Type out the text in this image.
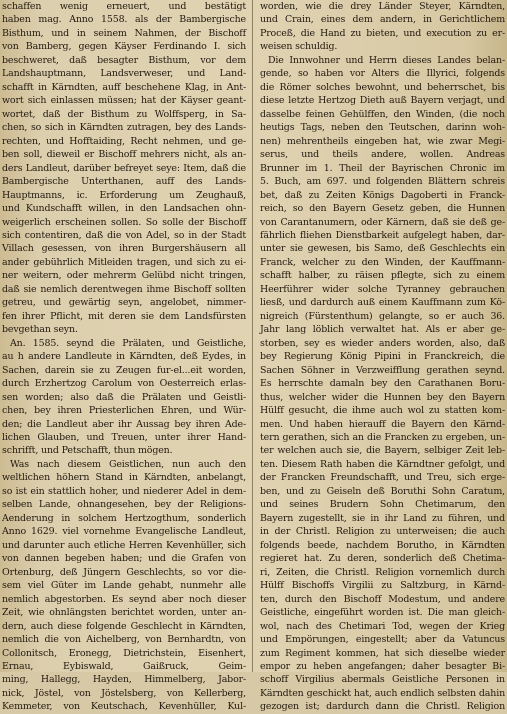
schaffen wenig erneuert, und bestätigt
haben mag. Anno 1558. als der Bambergische
Bisthum, und in seinem Nahmen, der Bischoff
von Bamberg, gegen Käyser Ferdinando I. sich
beschweret, daß besagter Bisthum, vor dem
Landshauptmann, Landsverweser, und Land-
schafft in Kärndten, auff beschehene Klag, in Ant-
wort sich einlassen müssen; hat der Käyser geant-
wortet, daß der Bisthum zu Wolffsperg, in Sa-
chen, so sich in Kärndten zutragen, bey des Lands-
rechten, und Hofftaiding, Recht nehmen, und ge-
ben soll, dieweil er Bischoff mehrers nicht, als an-
ders Landleut, darüber befreyet seye: Item, daß die
Bambergische Unterthanen, auff des Lands-
Hauptmanns, ic. Erforderung um Zeughauß,
und Kundschafft willen, in den Landsachen ohn-
weigerlich erscheinen sollen. So solle der Bischoff
sich contentiren, daß die von Adel, so in der Stadt
Villach gesessen, von ihren Burgershäusern all
ander gebührlich Mitleiden tragen, und sich zu ei-
ner weitern, oder mehrerm Gelübd nicht tringen,
daß sie nemlich derentwegen ihme Bischoff sollten
getreu, und gewärtig seyn, angelobet, nimmer-
fen ihrer Pflicht, mit deren sie dem Landsfürsten
bevgethan seyn.
An. 1585. seynd die Prälaten, und Geistliche,
au h andere Landleute in Kärndten, deß Eydes, in
Sachen, darein sie zu Zeugen fur-el...eit worden,
durch Erzhertzog Carolum von Oesterreich erlas-
sen worden; also daß die Prälaten und Geistli-
chen, bey ihren Priesterlichen Ehren, und Wür-
den; die Landleut aber ihr Aussag bey ihren Ade-
lichen Glauben, und Treuen, unter ihrer Hand-
schrifft, und Petschafft, thun mögen.
Was nach diesem Geistlichen, nun auch den
weltlichen höhern Stand in Kärndten, anbelangt,
so ist ein stattlich hoher, und niederer Adel in dem-
selben Lande, ohnangesehen, bey der Religions-
Aenderung in solchem Hertzogthum, sonderlich
Anno 1629. viel vornehme Evangelische Landleut,
und darunter auch etliche Herren Kevenhüller, sich
von dannen begeben haben; und die Grafen von
Ortenburg, deß Jüngern Geschlechts, so vor die-
sem viel Güter im Lande gehabt, nunmehr alle
nemlich abgestorben. Es seynd aber noch dieser
Zeit, wie ohnlängsten berichtet worden, unter an-
dern, auch diese folgende Geschlecht in Kärndten,
nemlich die von Aichelberg, von Bernhardtn, von
Collonitsch, Eronegg, Dietrichstein, Eisenhert,
Ernau, Eybiswald, Gaißruck, Geim-
ming, Hallegg, Hayden, Himmelberg, Jabor-
nick, Jöstel, von Jöstelsberg, von Kellerberg,
Kemmeter, von Keutschach, Kevenhüller, Kul-
worden, wie die drey Länder Steyer, Kärndten,
und Crain, eines dem andern, in Gerichtlichem
Proceß, die Hand zu bieten, und execution zu er-
weisen schuldig.
Die Innwohner und Herrn dieses Landes belan-
gende, so haben vor Alters die Illyrici, folgends
die Römer solches bewohnt, und beherrschet, bis
diese letzte Hertzog Dieth auß Bayern verjagt, und
dasselbe feinen Gehülffen, den Winden, (die noch
heutigs Tags, neben den Teutschen, darinn woh-
nen) mehrentheils eingeben hat, wie zwar Megi-
serus, und theils andere, wollen. Andreas
Brunner im 1. Theil der Bayrischen Chronic im
5. Buch, am 697. und folgenden Blättern schreis
bet, daß zu Zeiten Königs Dagoberti in Franck-
reich, so den Bayern Gesetz geben, die Hunnen
von Carantanumern, oder Kärnern, daß sie deß ge-
fährlich fliehen Dienstbarkeit aufgelegt haben, dar-
unter sie gewesen, bis Samo, deß Geschlechts ein
Franck, welcher zu den Winden, der Kauffmann-
schafft halber, zu räisen pflegte, sich zu einem
Heerführer wider solche Tyranney gebrauchen
liesß, und dardurch auß einem Kauffmann zum Kö-
nigreich (Fürstenthum) gelangte, so er auch 36.
Jahr lang löblich verwaltet hat. Als er aber ge-
storben, sey es wieder anders worden, also, daß
bey Regierung König Pipini in Franckreich, die
Sachen Söhner in Verzweifflung gerathen seynd.
Es herrschte damaln bey den Carathanen Boru-
thus, welcher wider die Hunnen bey den Bayern
Hülff gesucht, die ihme auch wol zu statten kom-
men. Und haben hierauff die Bayern den Kärnd-
tern gerathen, sich an die Francken zu ergeben, un-
ter welchen auch sie, die Bayern, selbiger Zeit leb-
ten. Diesem Rath haben die Kärndtner gefolgt, und
der Francken Freundschafft, und Treu, sich erge-
ben, und zu Geiseln deß Boruthi Sohn Caratum,
und seines Brudern Sohn Chetimarum, den
Bayern zugestellt, sie in ihr Land zu führen, und
in der Christl. Religion zu unterweisen; die auch
folgends beede, nachdem Borutho, in Kärndten
regieret hat. Zu deren, sonderlich deß Chetima-
ri, Zeiten, die Christl. Religion vornemlich durch
Hülff Bischoffs Virgilii zu Saltzburg, in Kärnd-
ten, durch den Bischoff Modestum, und andere
Geistliche, eingeführt worden ist. Die man gleich-
wol, nach des Chetimari Tod, wegen der Krieg
und Empörungen, eingestellt; aber da Vatuncus
zum Regiment kommen, hat sich dieselbe wieder
empor zu heben angefangen; daher besagter Bi-
schoff Virgilius abermals Geistliche Personen in
Kärndten geschickt hat, auch endlich selbsten dahin
gezogen ist; dardurch dann die Christl. Religion
